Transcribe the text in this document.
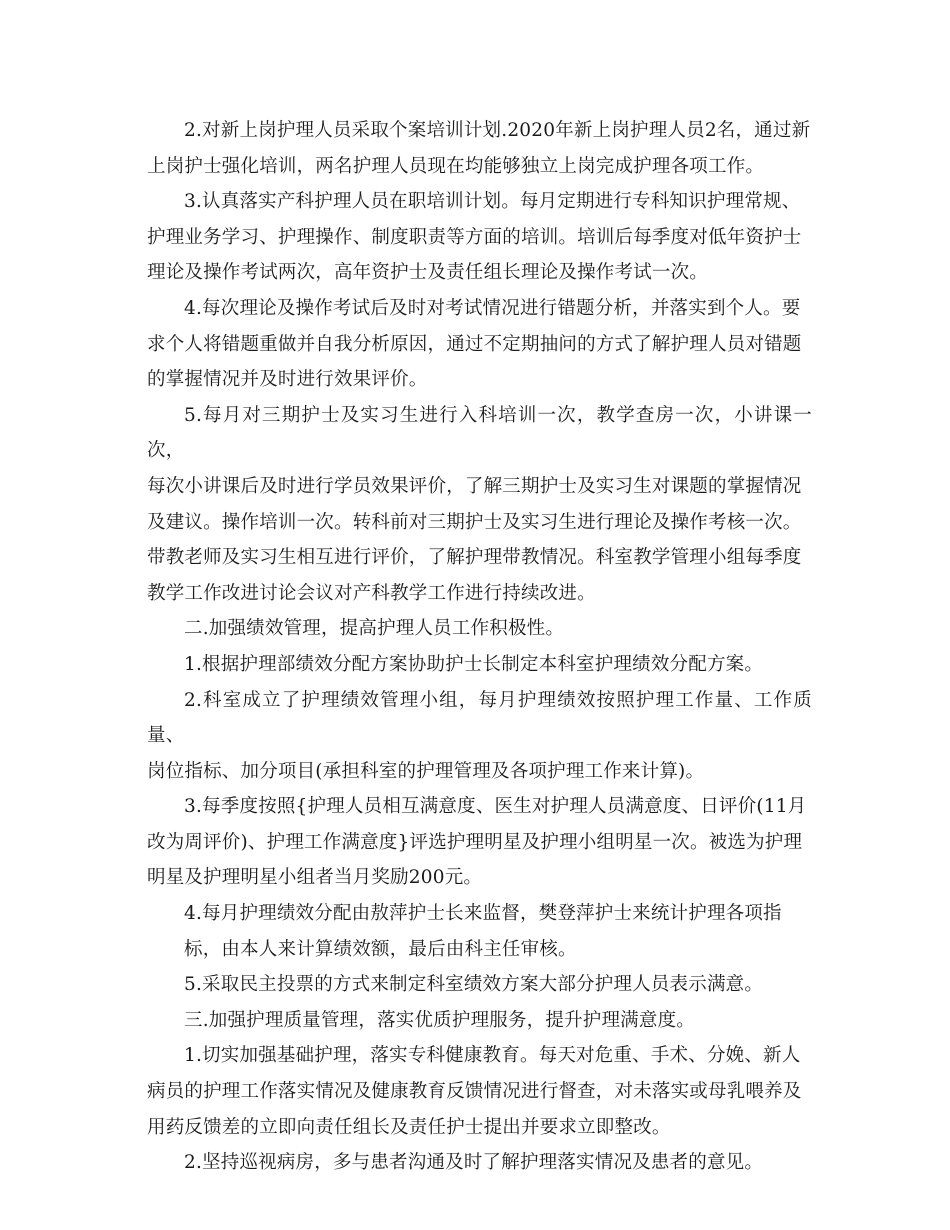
2.对新上岗护理人员采取个案培训计划.2020年新上岗护理人员2名，通过新
上岗护士强化培训，两名护理人员现在均能够独立上岗完成护理各项工作。
3.认真落实产科护理人员在职培训计划。每月定期进行专科知识护理常规、
护理业务学习、护理操作、制度职责等方面的培训。培训后每季度对低年资护士
理论及操作考试两次，高年资护士及责任组长理论及操作考试一次。
4.每次理论及操作考试后及时对考试情况进行错题分析，并落实到个人。要
求个人将错题重做并自我分析原因，通过不定期抽问的方式了解护理人员对错题
的掌握情况并及时进行效果评价。
5.每月对三期护士及实习生进行入科培训一次，教学查房一次，小讲课一次，
每次小讲课后及时进行学员效果评价，了解三期护士及实习生对课题的掌握情况
及建议。操作培训一次。转科前对三期护士及实习生进行理论及操作考核一次。
带教老师及实习生相互进行评价，了解护理带教情况。科室教学管理小组每季度
教学工作改进讨论会议对产科教学工作进行持续改进。
二.加强绩效管理，提高护理人员工作积极性。
1.根据护理部绩效分配方案协助护士长制定本科室护理绩效分配方案。
2.科室成立了护理绩效管理小组，每月护理绩效按照护理工作量、工作质量、
岗位指标、加分项目(承担科室的护理管理及各项护理工作来计算)。
3.每季度按照{护理人员相互满意度、医生对护理人员满意度、日评价(11月
改为周评价)、护理工作满意度}评选护理明星及护理小组明星一次。被选为护理
明星及护理明星小组者当月奖励200元。
4.每月护理绩效分配由敖萍护士长来监督，樊登萍护士来统计护理各项指
标，由本人来计算绩效额，最后由科主任审核。
5.采取民主投票的方式来制定科室绩效方案大部分护理人员表示满意。
三.加强护理质量管理，落实优质护理服务，提升护理满意度。
1.切实加强基础护理，落实专科健康教育。每天对危重、手术、分娩、新人
病员的护理工作落实情况及健康教育反馈情况进行督查，对未落实或母乳喂养及
用药反馈差的立即向责任组长及责任护士提出并要求立即整改。
2.坚持巡视病房，多与患者沟通及时了解护理落实情况及患者的意见。
